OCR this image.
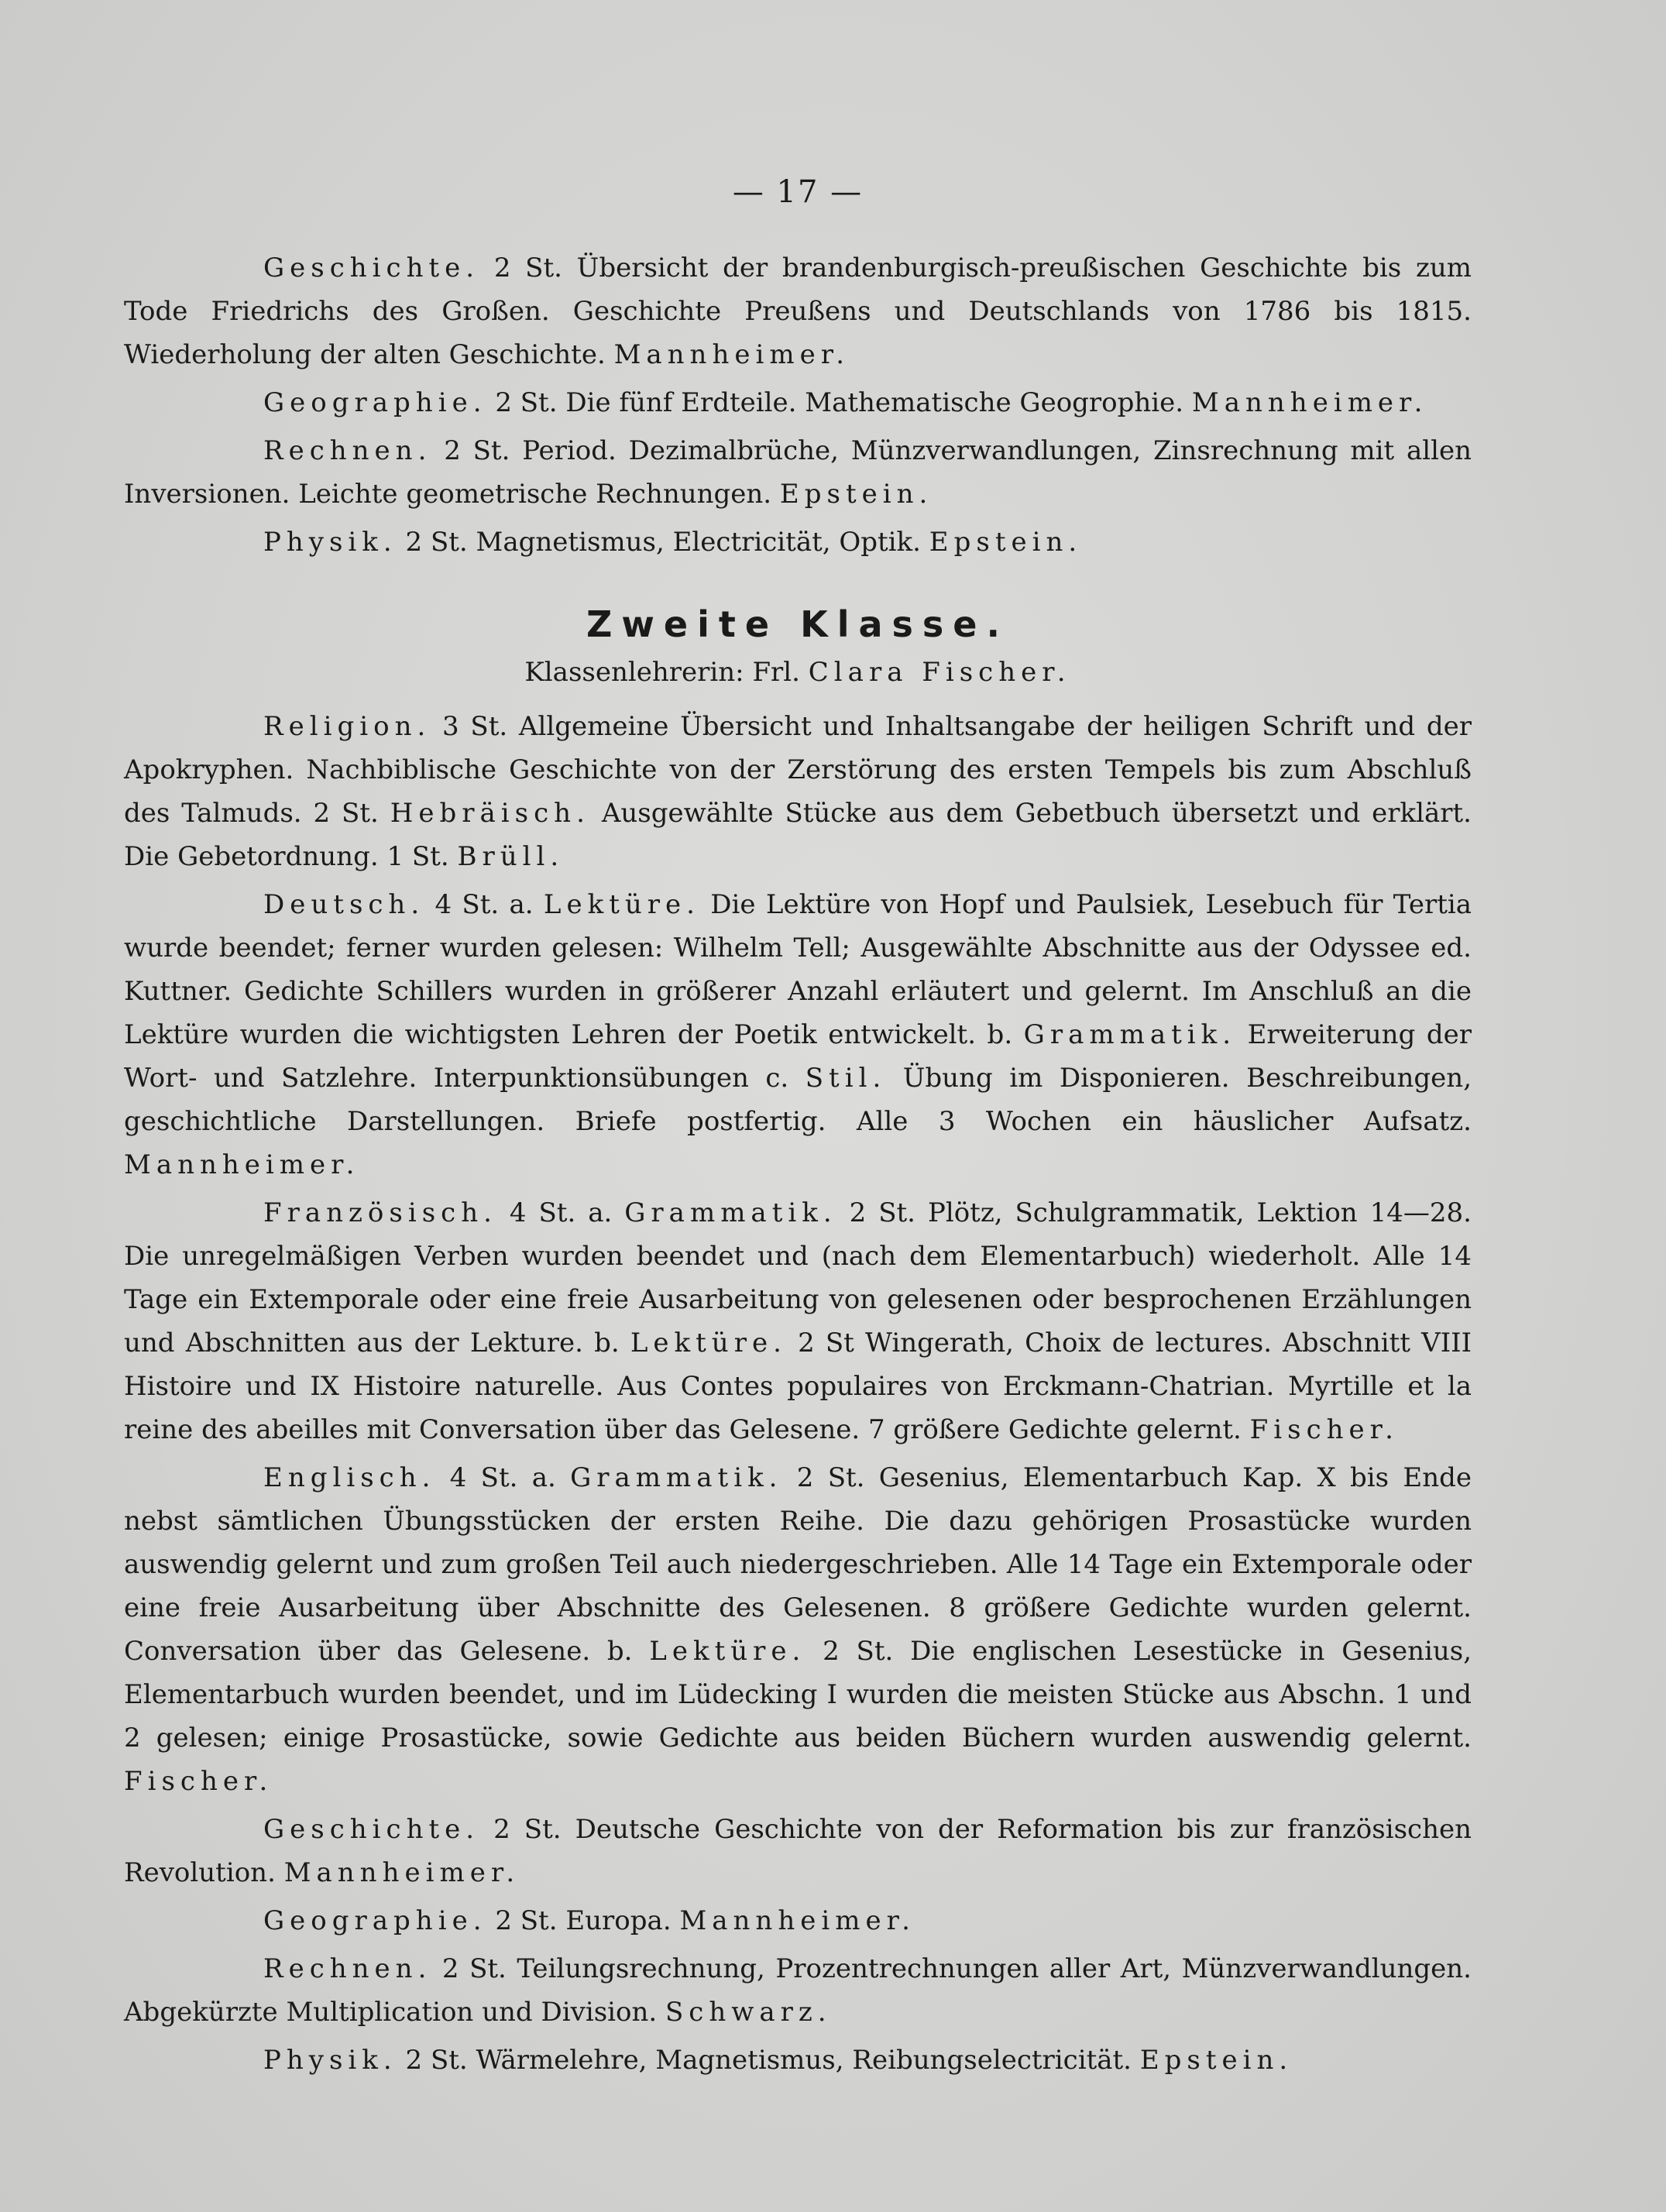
— 17 —

Geschichte. 2 St. Übersicht der brandenburgisch-preußischen Geschichte bis zum Tode Friedrichs des Großen. Geschichte Preußens und Deutschlands von 1786 bis 1815. Wiederholung der alten Geschichte. Mannheimer.

Geographie. 2 St. Die fünf Erdteile. Mathematische Geogrophie. Mannheimer.

Rechnen. 2 St. Period. Dezimalbrüche, Münzverwandlungen, Zinsrechnung mit allen Inversionen. Leichte geometrische Rechnungen. Epstein.

Physik. 2 St. Magnetismus, Electricität, Optik. Epstein.

Zweite Klasse.
Klassenlehrerin: Frl. Clara Fischer.

Religion. 3 St. Allgemeine Übersicht und Inhaltsangabe der heiligen Schrift und der Apokryphen. Nachbiblische Geschichte von der Zerstörung des ersten Tempels bis zum Abschluß des Talmuds. 2 St. Hebräisch. Ausgewählte Stücke aus dem Gebetbuch übersetzt und erklärt. Die Gebetordnung. 1 St. Brüll.

Deutsch. 4 St. a. Lektüre. Die Lektüre von Hopf und Paulsiek, Lesebuch für Tertia wurde beendet; ferner wurden gelesen: Wilhelm Tell; Ausgewählte Abschnitte aus der Odyssee ed. Kuttner. Gedichte Schillers wurden in größerer Anzahl erläutert und gelernt. Im Anschluß an die Lektüre wurden die wichtigsten Lehren der Poetik entwickelt. b. Grammatik. Erweiterung der Wort- und Satzlehre. Interpunktionsübungen c. Stil. Übung im Disponieren. Beschreibungen, geschichtliche Darstellungen. Briefe postfertig. Alle 3 Wochen ein häuslicher Aufsatz. Mannheimer.

Französisch. 4 St. a. Grammatik. 2 St. Plötz, Schulgrammatik, Lektion 14—28. Die unregelmäßigen Verben wurden beendet und (nach dem Elementarbuch) wiederholt. Alle 14 Tage ein Extemporale oder eine freie Ausarbeitung von gelesenen oder besprochenen Erzählungen und Abschnitten aus der Lekture. b. Lektüre. 2 St Wingerath, Choix de lectures. Abschnitt VIII Histoire und IX Histoire naturelle. Aus Contes populaires von Erckmann-Chatrian. Myrtille et la reine des abeilles mit Conversation über das Gelesene. 7 größere Gedichte gelernt. Fischer.

Englisch. 4 St. a. Grammatik. 2 St. Gesenius, Elementarbuch Kap. X bis Ende nebst sämtlichen Übungsstücken der ersten Reihe. Die dazu gehörigen Prosastücke wurden auswendig gelernt und zum großen Teil auch niedergeschrieben. Alle 14 Tage ein Extemporale oder eine freie Ausarbeitung über Abschnitte des Gelesenen. 8 größere Gedichte wurden gelernt. Conversation über das Gelesene. b. Lektüre. 2 St. Die englischen Lesestücke in Gesenius, Elementarbuch wurden beendet, und im Lüdecking I wurden die meisten Stücke aus Abschn. 1 und 2 gelesen; einige Prosastücke, sowie Gedichte aus beiden Büchern wurden auswendig gelernt. Fischer.

Geschichte. 2 St. Deutsche Geschichte von der Reformation bis zur französischen Revolution. Mannheimer.

Geographie. 2 St. Europa. Mannheimer.

Rechnen. 2 St. Teilungsrechnung, Prozentrechnungen aller Art, Münzverwandlungen. Abgekürzte Multiplication und Division. Schwarz.

Physik. 2 St. Wärmelehre, Magnetismus, Reibungselectricität. Epstein.
